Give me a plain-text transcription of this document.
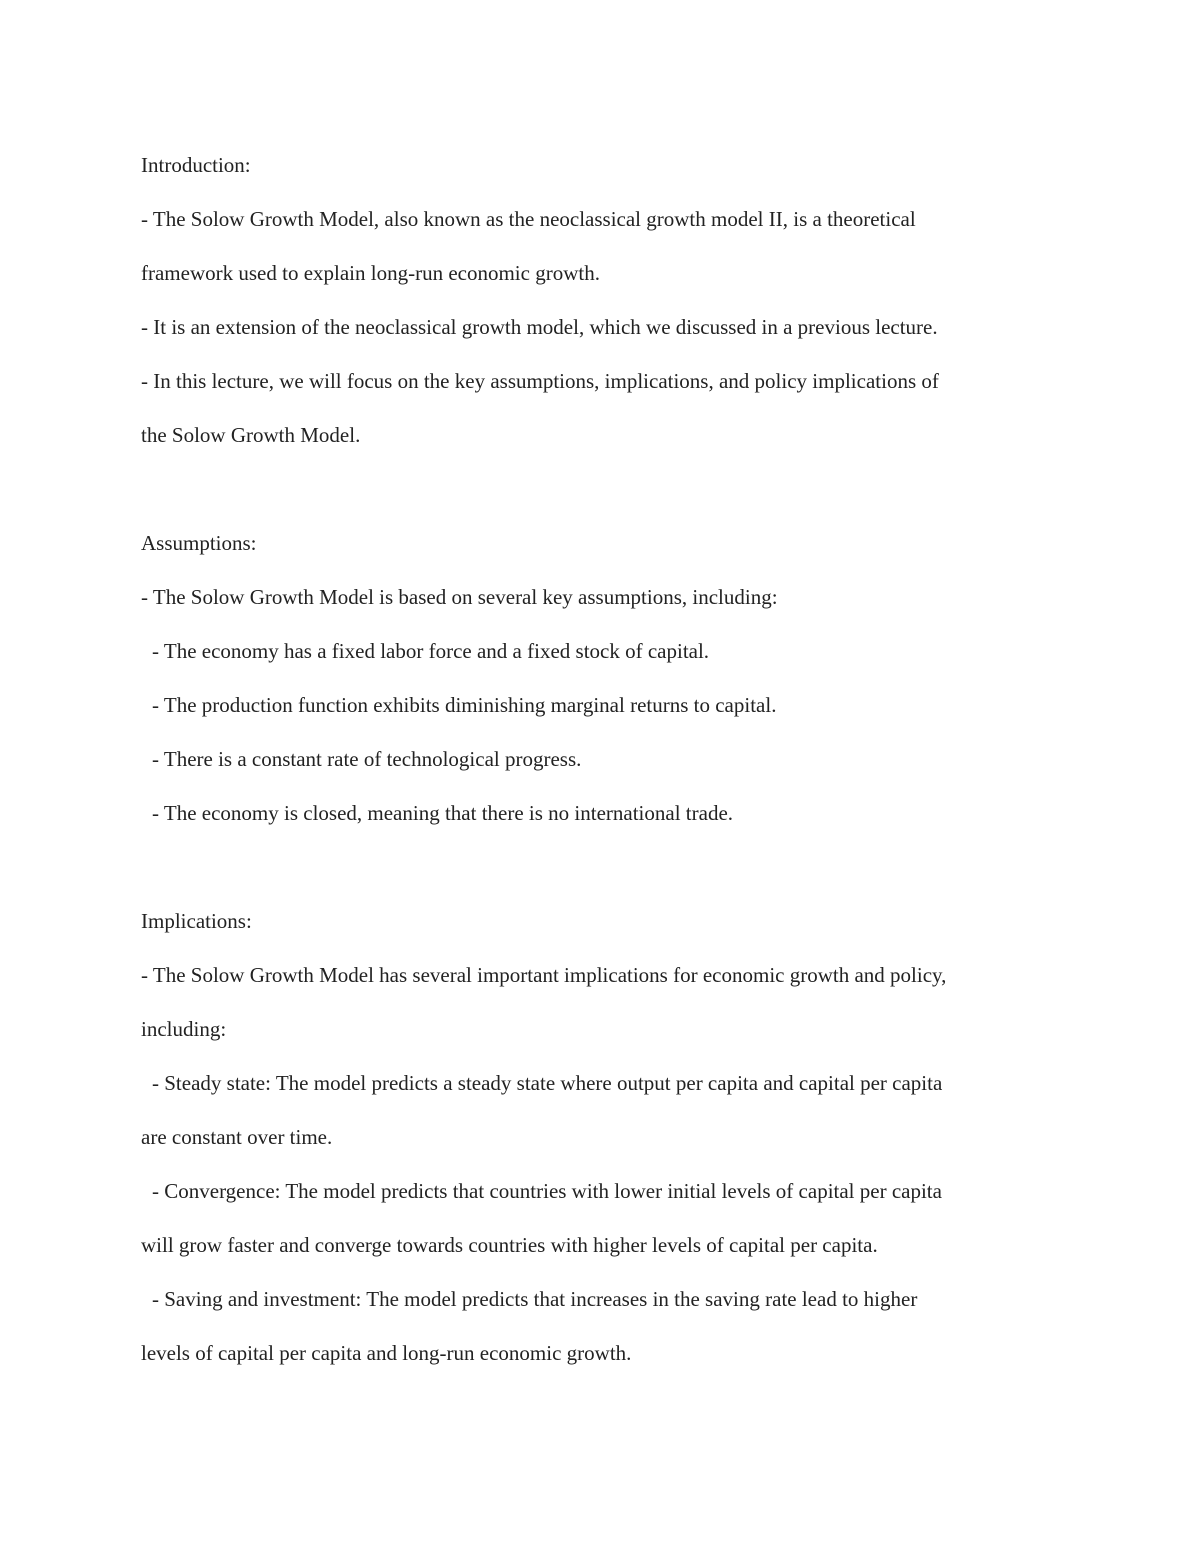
Introduction:
- The Solow Growth Model, also known as the neoclassical growth model II, is a theoretical
framework used to explain long-run economic growth.
- It is an extension of the neoclassical growth model, which we discussed in a previous lecture.
- In this lecture, we will focus on the key assumptions, implications, and policy implications of
the Solow Growth Model.
Assumptions:
- The Solow Growth Model is based on several key assumptions, including:
- The economy has a fixed labor force and a fixed stock of capital.
- The production function exhibits diminishing marginal returns to capital.
- There is a constant rate of technological progress.
- The economy is closed, meaning that there is no international trade.
Implications:
- The Solow Growth Model has several important implications for economic growth and policy,
including:
- Steady state: The model predicts a steady state where output per capita and capital per capita
are constant over time.
- Convergence: The model predicts that countries with lower initial levels of capital per capita
will grow faster and converge towards countries with higher levels of capital per capita.
- Saving and investment: The model predicts that increases in the saving rate lead to higher
levels of capital per capita and long-run economic growth.
